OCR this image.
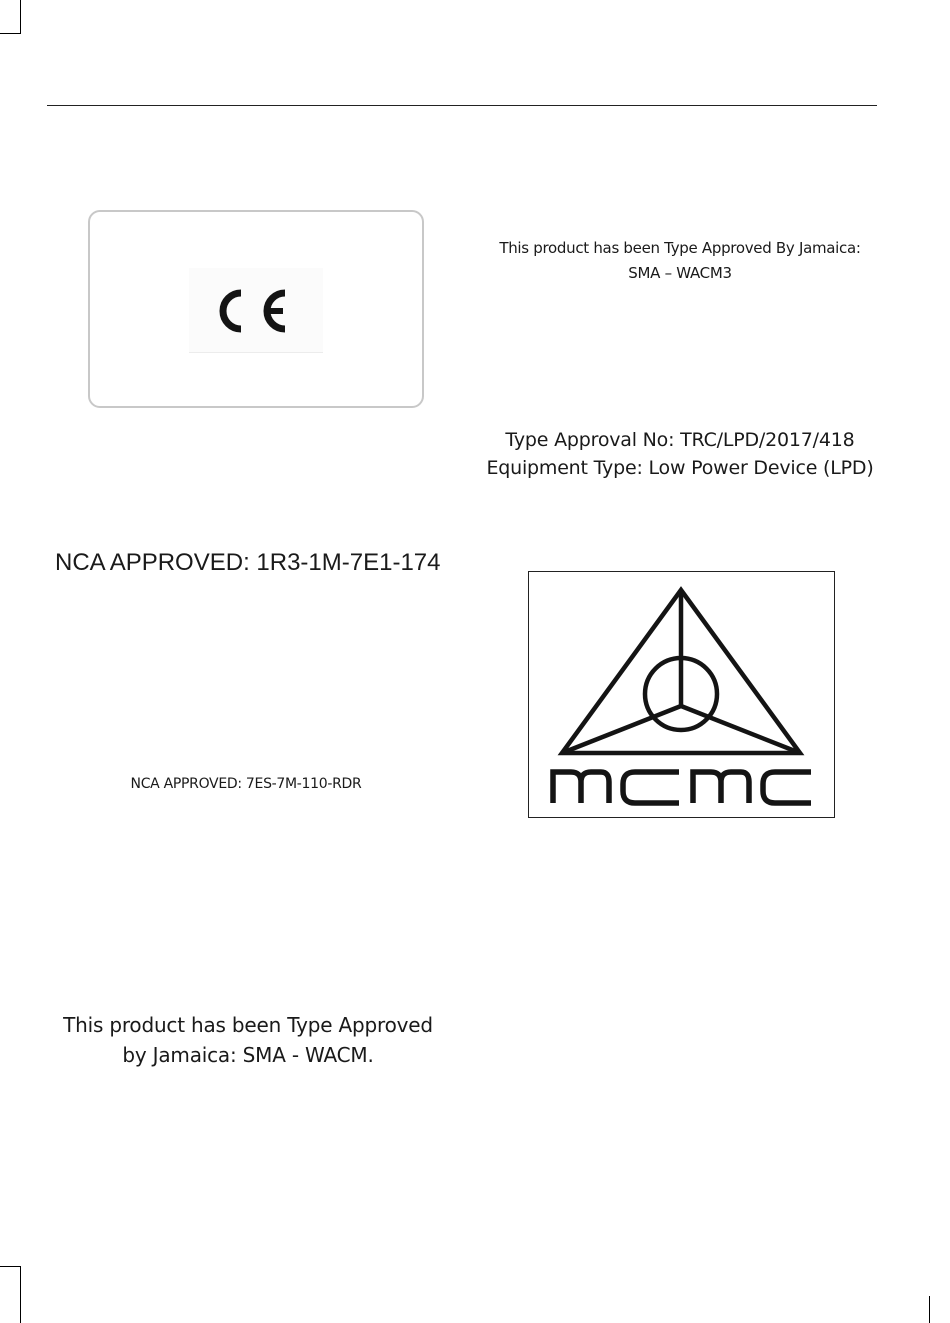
This product has been Type Approved By Jamaica:
SMA – WACM3
Type Approval No: TRC/LPD/2017/418
Equipment Type: Low Power Device (LPD)
NCA APPROVED: 1R3-1M-7E1-174
NCA APPROVED: 7ES-7M-110-RDR
This product has been Type Approved
by Jamaica: SMA - WACM.
